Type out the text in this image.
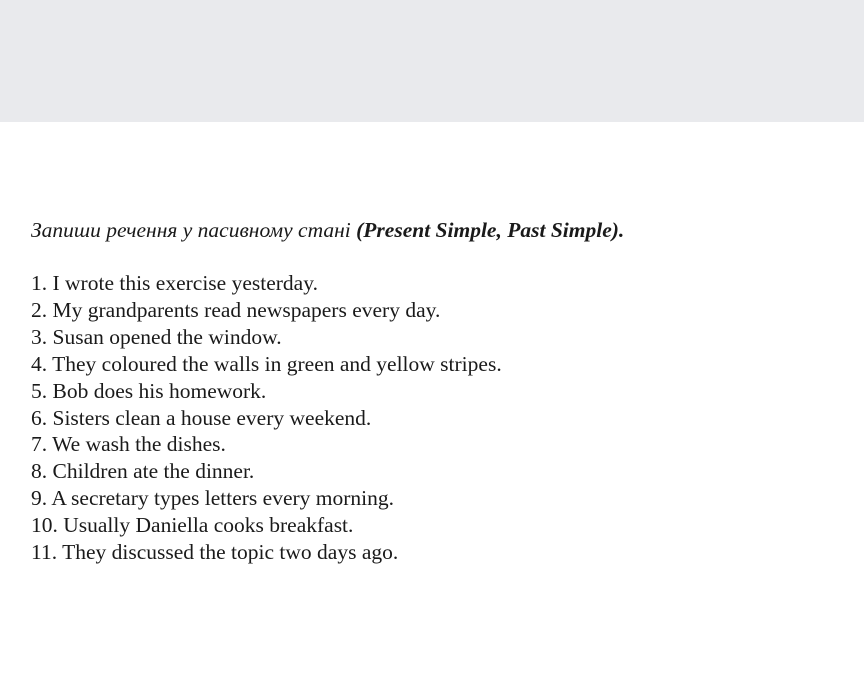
Запиши речення у пасивному стані (Present Simple, Past Simple).

1. I wrote this exercise yesterday.
2. My grandparents read newspapers every day.
3. Susan opened the window.
4. They coloured the walls in green and yellow stripes.
5. Bob does his homework.
6. Sisters clean a house every weekend.
7. We wash the dishes.
8. Children ate the dinner.
9. A secretary types letters every morning.
10. Usually Daniella cooks breakfast.
11. They discussed the topic two days ago.
